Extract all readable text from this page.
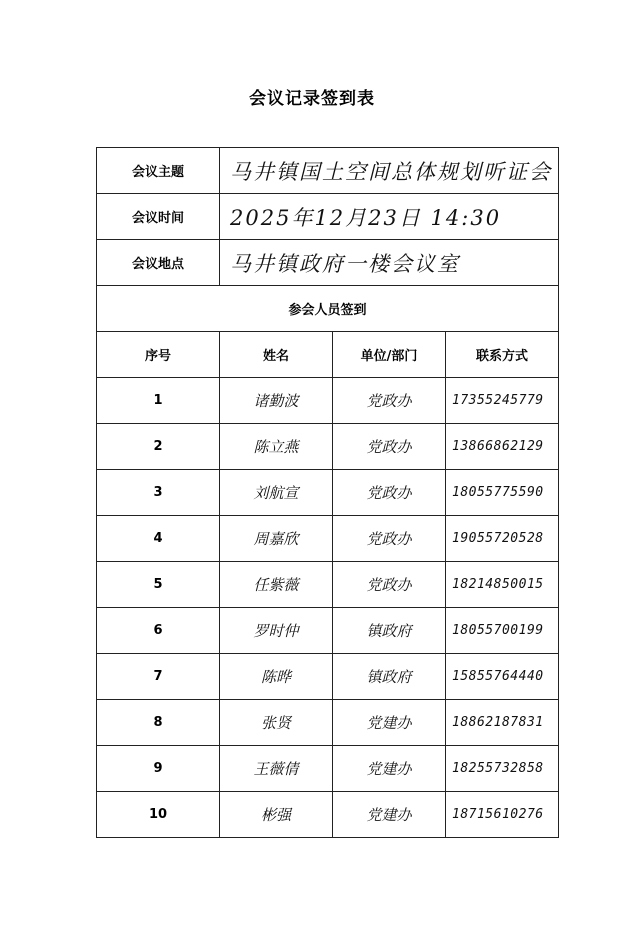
会议记录签到表
会议主题	马井镇国土空间总体规划听证会		
会议时间	2025年12月23日 14:30		
会议地点	马井镇政府一楼会议室		
参会人员签到			
序号	姓名	单位/部门	联系方式
1	诸勤波	党政办	17355245779
2	陈立燕	党政办	13866862129
3	刘航宣	党政办	18055775590
4	周嘉欣	党政办	19055720528
5	任紫薇	党政办	18214850015
6	罗时仲	镇政府	18055700199
7	陈晔	镇政府	15855764440
8	张贤	党建办	18862187831
9	王薇倩	党建办	18255732858
10	彬强	党建办	18715610276
